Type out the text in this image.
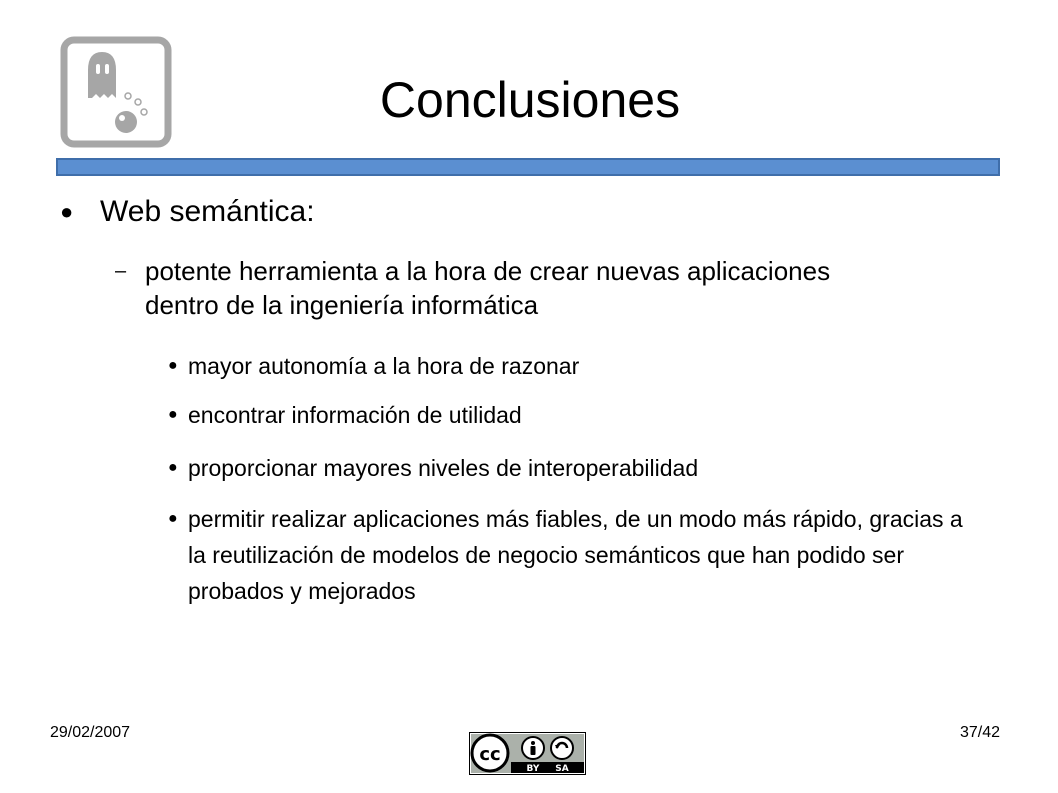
Conclusiones
● Web semántica:
– potente herramienta a la hora de crear nuevas aplicaciones dentro de la ingeniería informática
● mayor autonomía a la hora de razonar
● encontrar información de utilidad
● proporcionar mayores niveles de interoperabilidad
● permitir realizar aplicaciones más fiables, de un modo más rápido, gracias a la reutilización de modelos de negocio semánticos que han podido ser probados y mejorados
29/02/2007	37/42
cc
BY SA
